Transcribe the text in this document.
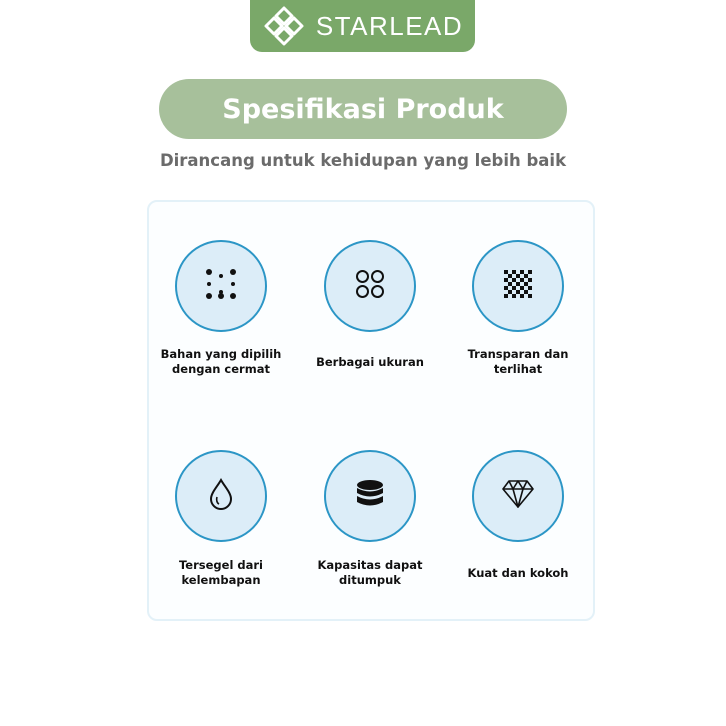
STARLEAD
Spesifikasi Produk
Dirancang untuk kehidupan yang lebih baik
Bahan yang dipilih dengan cermat	Berbagai ukuran
Transparan dan terlihat
Tersegel dari kelembapan
Kapasitas dapat ditumpuk	Kuat dan kokoh
